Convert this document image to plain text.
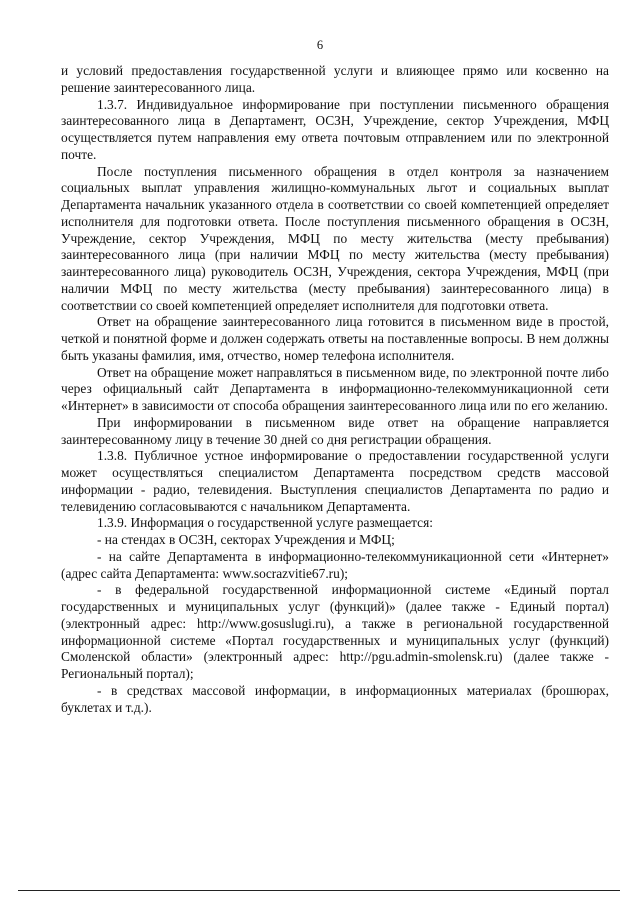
6

и условий предоставления государственной услуги и влияющее прямо или косвенно на решение заинтересованного лица.

1.3.7. Индивидуальное информирование при поступлении письменного обращения заинтересованного лица в Департамент, ОСЗН, Учреждение, сектор Учреждения, МФЦ осуществляется путем направления ему ответа почтовым отправлением или по электронной почте.

После поступления письменного обращения в отдел контроля за назначением социальных выплат управления жилищно-коммунальных льгот и социальных выплат Департамента начальник указанного отдела в соответствии со своей компетенцией определяет исполнителя для подготовки ответа. После поступления письменного обращения в ОСЗН, Учреждение, сектор Учреждения, МФЦ по месту жительства (месту пребывания) заинтересованного лица (при наличии МФЦ по месту жительства (месту пребывания) заинтересованного лица) руководитель ОСЗН, Учреждения, сектора Учреждения, МФЦ (при наличии МФЦ по месту жительства (месту пребывания) заинтересованного лица) в соответствии со своей компетенцией определяет исполнителя для подготовки ответа.

Ответ на обращение заинтересованного лица готовится в письменном виде в простой, четкой и понятной форме и должен содержать ответы на поставленные вопросы. В нем должны быть указаны фамилия, имя, отчество, номер телефона исполнителя.

Ответ на обращение может направляться в письменном виде, по электронной почте либо через официальный сайт Департамента в информационно-телекоммуникационной сети «Интернет» в зависимости от способа обращения заинтересованного лица или по его желанию.

При информировании в письменном виде ответ на обращение направляется заинтересованному лицу в течение 30 дней со дня регистрации обращения.

1.3.8. Публичное устное информирование о предоставлении государственной услуги может осуществляться специалистом Департамента посредством средств массовой информации - радио, телевидения. Выступления специалистов Департамента по радио и телевидению согласовываются с начальником Департамента.

1.3.9. Информация о государственной услуге размещается:

- на стендах в ОСЗН, секторах Учреждения и МФЦ;

- на сайте Департамента в информационно-телекоммуникационной сети «Интернет» (адрес сайта Департамента: www.socrazvitie67.ru);

- в федеральной государственной информационной системе «Единый портал государственных и муниципальных услуг (функций)» (далее также - Единый портал) (электронный адрес: http://www.gosuslugi.ru), а также в региональной государственной информационной системе «Портал государственных и муниципальных услуг (функций) Смоленской области» (электронный адрес: http://pgu.admin-smolensk.ru) (далее также - Региональный портал);

- в средствах массовой информации, в информационных материалах (брошюрах, буклетах и т.д.).
